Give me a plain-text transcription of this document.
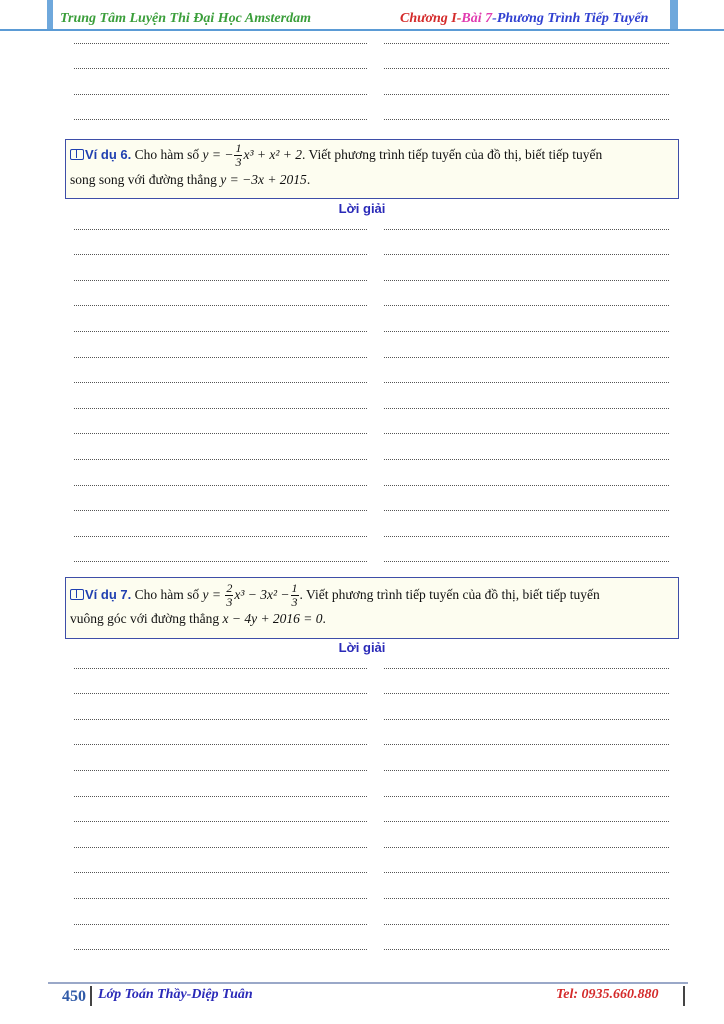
Trung Tâm Luyện Thi Đại Học Amsterdam	Chương I-Bài 7-Phương Trình Tiếp Tuyến
Ví dụ 6. Cho hàm số y = − $\frac{1}{3} x^3 + x^2 + 2$. Viết phương trình tiếp tuyến của đồ thị, biết tiếp tuyến
song song với đường thẳng y = −3x + 2015.
Lời giải
Ví dụ 7. Cho hàm số $y = \frac{2}{3} x^3 - 3x^2 - \frac{1}{3}$ . Viết phương trình tiếp tuyến của đồ thị, biết tiếp tuyến
vuông góc với đường thẳng x − 4y + 2016 = 0.
Lời giải
450 Lớp Toán Thầy-Diệp Tuân	Tel: 0935.660.880
